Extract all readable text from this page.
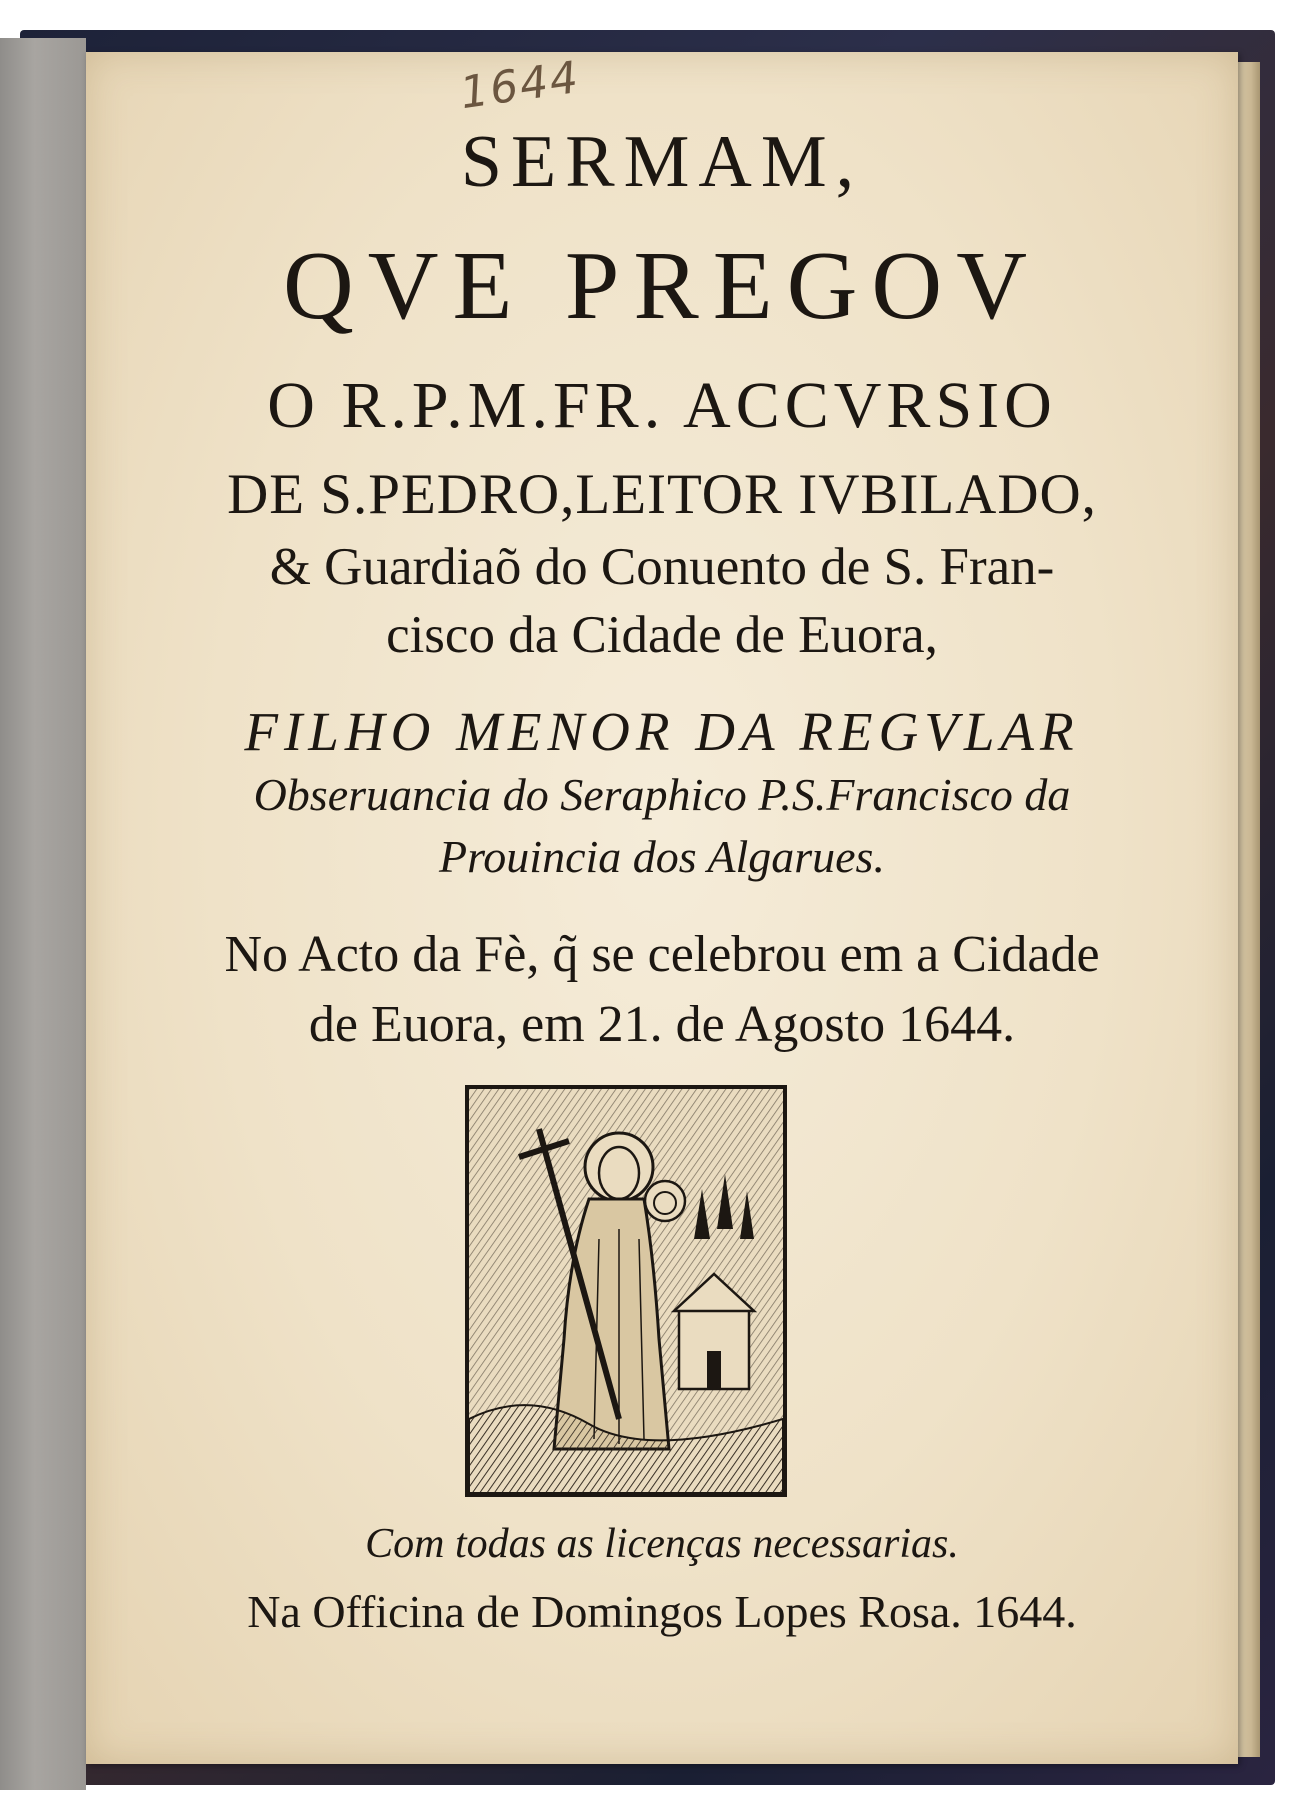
1644
SERMAM,
QVE PREGOV
O R.P.M.FR. ACCVRSIO
DE S.PEDRO,LEITOR IVBILADO,
& Guardiaõ do Conuento de S. Fran-
cisco da Cidade de Euora,
FILHO MENOR DA REGVLAR
Obseruancia do Seraphico P.S.Francisco da
Prouincia dos Algarues.
No Acto da Fè, q̃ se celebrou em a Cidade
de Euora, em 21. de Agosto 1644.
Com todas as licenças necessarias.
Na Officina de Domingos Lopes Rosa. 1644.
